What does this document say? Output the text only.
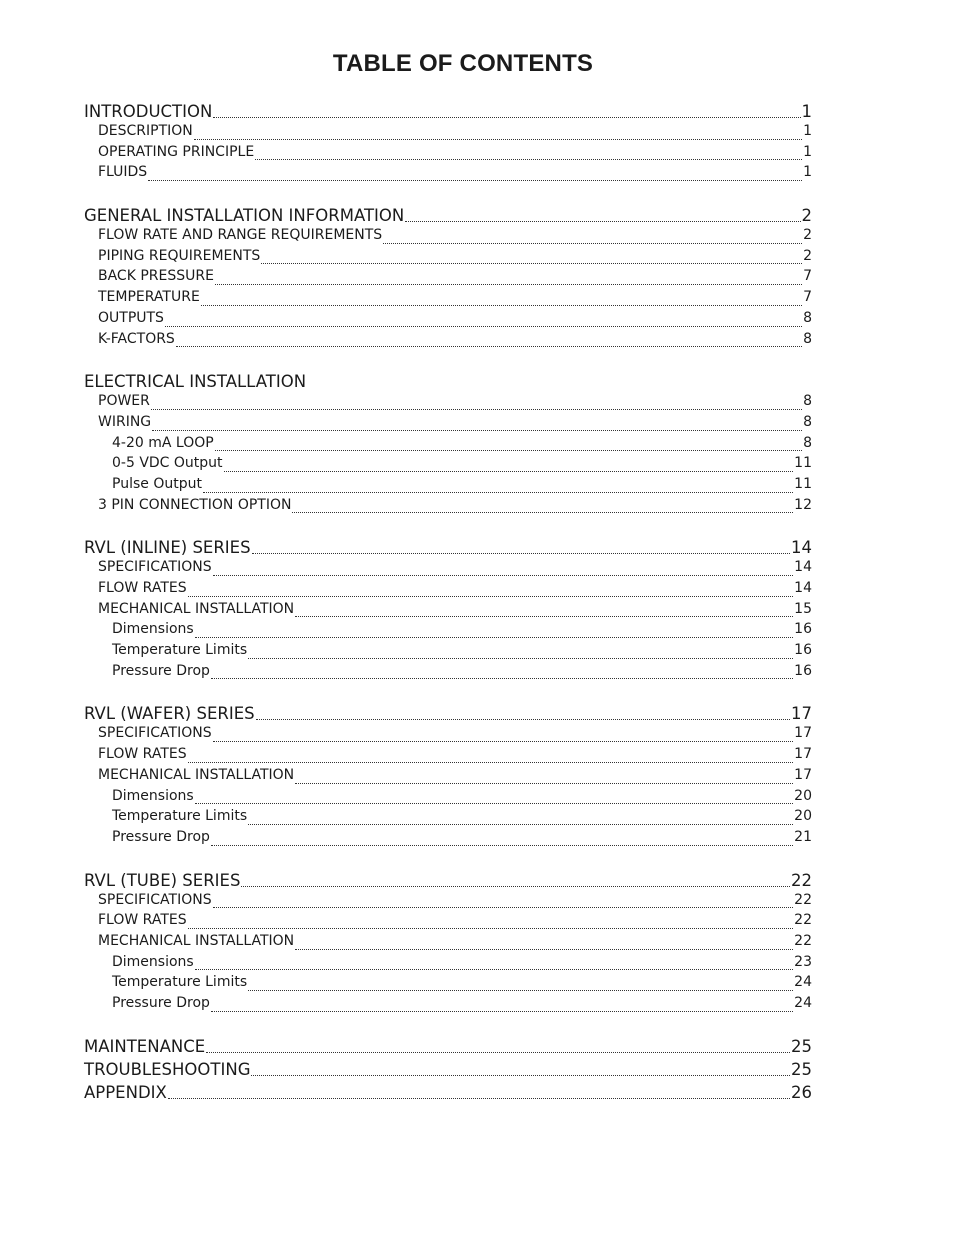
TABLE OF CONTENTS
INTRODUCTION	1
DESCRIPTION	1
OPERATING PRINCIPLE	1
FLUIDS	1
GENERAL INSTALLATION INFORMATION	2
FLOW RATE AND RANGE REQUIREMENTS	2
PIPING REQUIREMENTS	2
BACK PRESSURE	7
TEMPERATURE	7
OUTPUTS	8
K-FACTORS	8
ELECTRICAL INSTALLATION
POWER	8
WIRING	8
4-20 mA LOOP	8
0-5 VDC Output	11
Pulse Output	11
3 PIN CONNECTION OPTION	12
RVL (INLINE) SERIES	14
SPECIFICATIONS	14
FLOW RATES	14
MECHANICAL INSTALLATION	15
Dimensions	16
Temperature Limits	16
Pressure Drop	16
RVL (WAFER) SERIES	17
SPECIFICATIONS	17
FLOW RATES	17
MECHANICAL INSTALLATION	17
Dimensions	20
Temperature Limits	20
Pressure Drop	21
RVL (TUBE) SERIES	22
SPECIFICATIONS	22
FLOW RATES	22
MECHANICAL INSTALLATION	22
Dimensions	23
Temperature Limits	24
Pressure Drop	24
MAINTENANCE	25
TROUBLESHOOTING	25
APPENDIX	26
